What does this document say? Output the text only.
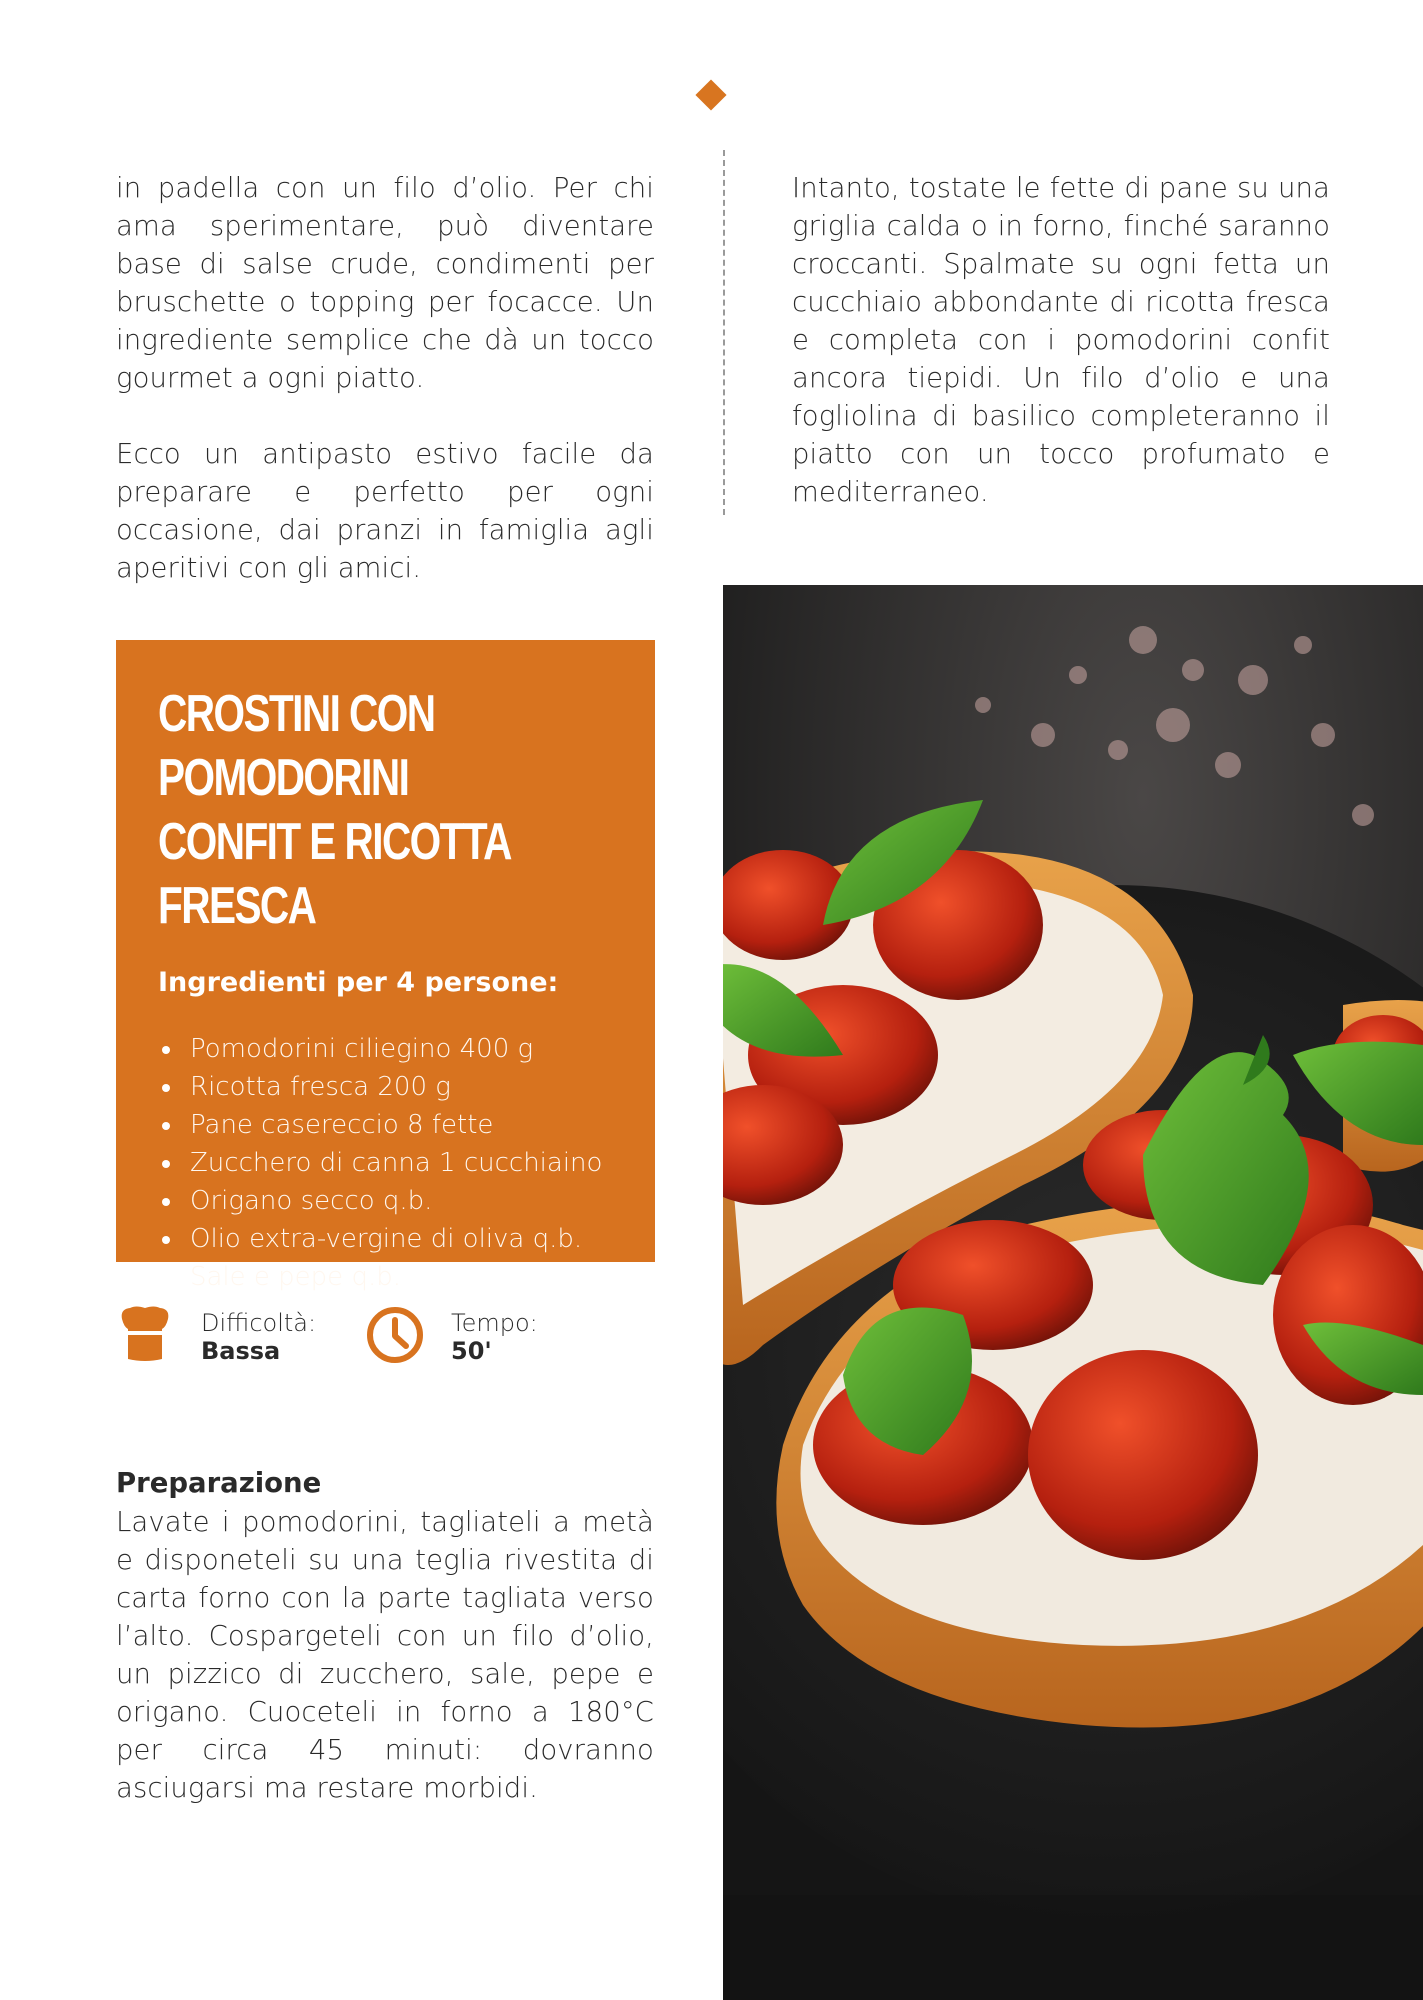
in padella con un filo d’olio. Per chi ama sperimentare, può diventare base di salse crude, condimenti per bruschette o topping per focacce. Un ingrediente semplice che dà un tocco gourmet a ogni piatto.

Ecco un antipasto estivo facile da preparare e perfetto per ogni occasione, dai pranzi in famiglia agli aperitivi con gli amici.

Intanto, tostate le fette di pane su una griglia calda o in forno, finché saranno croccanti. Spalmate su ogni fetta un cucchiaio abbondante di ricotta fresca e completa con i pomodorini confit ancora tiepidi. Un filo d’olio e una fogliolina di basilico completeranno il piatto con un tocco profumato e mediterraneo.

CROSTINI CON POMODORINI
CONFIT E RICOTTA FRESCA

Ingredienti per 4 persone:

Pomodorini ciliegino 400 g
Ricotta fresca 200 g
Pane casereccio 8 fette
Zucchero di canna 1 cucchiaino
Origano secco q.b.
Olio extra-vergine di oliva q.b.
Sale e pepe q.b.
Difficoltà:
Bassa
Tempo:
50'
Preparazione

Lavate i pomodorini, tagliateli a metà e disponeteli su una teglia rivestita di carta forno con la parte tagliata verso l’alto. Cospargeteli con un filo d’olio, un pizzico di zucchero, sale, pepe e origano. Cuoceteli in forno a 180°C per circa 45 minuti: dovranno asciugarsi ma restare morbidi.
